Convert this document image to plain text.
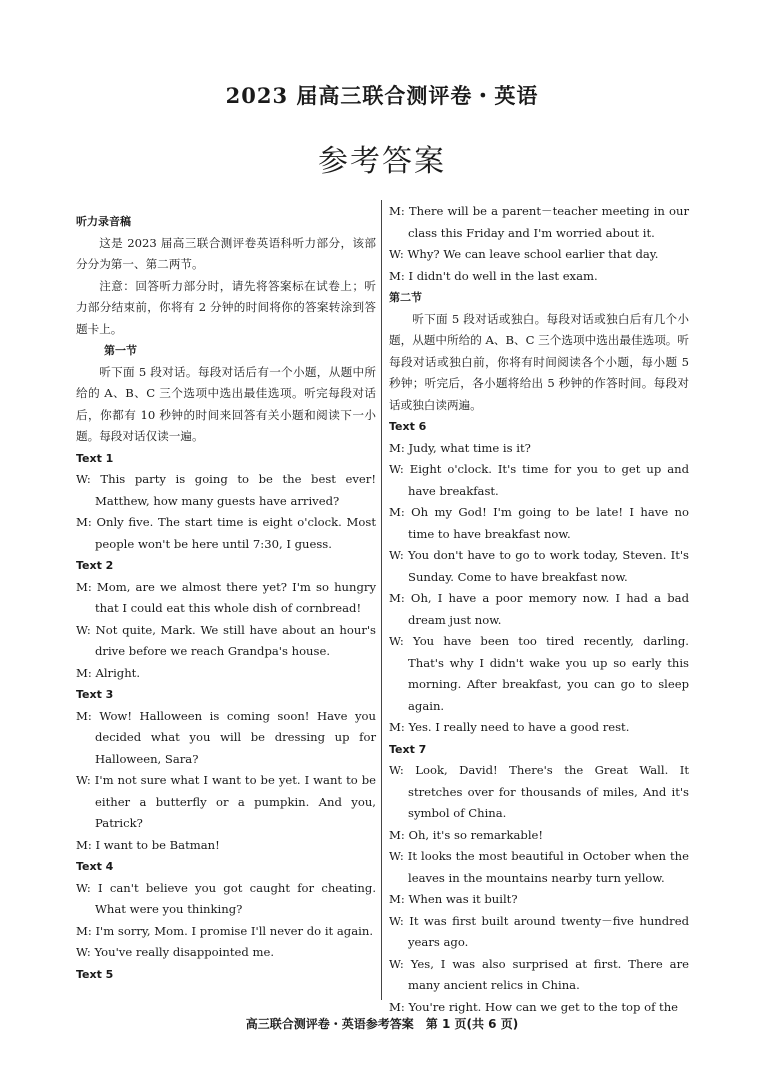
2023 届高三联合测评卷・英语
参考答案
听力录音稿
这是 2023 届高三联合测评卷英语科听力部分，该部分分为第一、第二两节。
注意：回答听力部分时，请先将答案标在试卷上；听力部分结束前，你将有 2 分钟的时间将你的答案转涂到答题卡上。
第一节
听下面 5 段对话。每段对话后有一个小题，从题中所给的 A、B、C 三个选项中选出最佳选项。听完每段对话后，你都有 10 秒钟的时间来回答有关小题和阅读下一小题。每段对话仅读一遍。
Text 1
W: This party is going to be the best ever! Matthew, how many guests have arrived?
M: Only five. The start time is eight o'clock. Most people won't be here until 7:30, I guess.
Text 2
M: Mom, are we almost there yet? I'm so hungry that I could eat this whole dish of cornbread!
W: Not quite, Mark. We still have about an hour's drive before we reach Grandpa's house.
M: Alright.
Text 3
M: Wow! Halloween is coming soon! Have you decided what you will be dressing up for Halloween, Sara?
W: I'm not sure what I want to be yet. I want to be either a butterfly or a pumpkin. And you, Patrick?
M: I want to be Batman!
Text 4
W: I can't believe you got caught for cheating. What were you thinking?
M: I'm sorry, Mom. I promise I'll never do it again.
W: You've really disappointed me.
Text 5
M: There will be a parent－teacher meeting in our class this Friday and I'm worried about it.
W: Why? We can leave school earlier that day.
M: I didn't do well in the last exam.
第二节
听下面 5 段对话或独白。每段对话或独白后有几个小题，从题中所给的 A、B、C 三个选项中选出最佳选项。听每段对话或独白前，你将有时间阅读各个小题，每小题 5 秒钟；听完后，各小题将给出 5 秒钟的作答时间。每段对话或独白读两遍。
Text 6
M: Judy, what time is it?
W: Eight o'clock. It's time for you to get up and have breakfast.
M: Oh my God! I'm going to be late! I have no time to have breakfast now.
W: You don't have to go to work today, Steven. It's Sunday. Come to have breakfast now.
M: Oh, I have a poor memory now. I had a bad dream just now.
W: You have been too tired recently, darling. That's why I didn't wake you up so early this morning. After breakfast, you can go to sleep again.
M: Yes. I really need to have a good rest.
Text 7
W: Look, David! There's the Great Wall. It stretches over for thousands of miles, And it's symbol of China.
M: Oh, it's so remarkable!
W: It looks the most beautiful in October when the leaves in the mountains nearby turn yellow.
M: When was it built?
W: It was first built around twenty－five hundred years ago.
W: Yes, I was also surprised at first. There are many ancient relics in China.
M: You're right. How can we get to the top of the
高三联合测评卷・英语参考答案　第 1 页(共 6 页)
